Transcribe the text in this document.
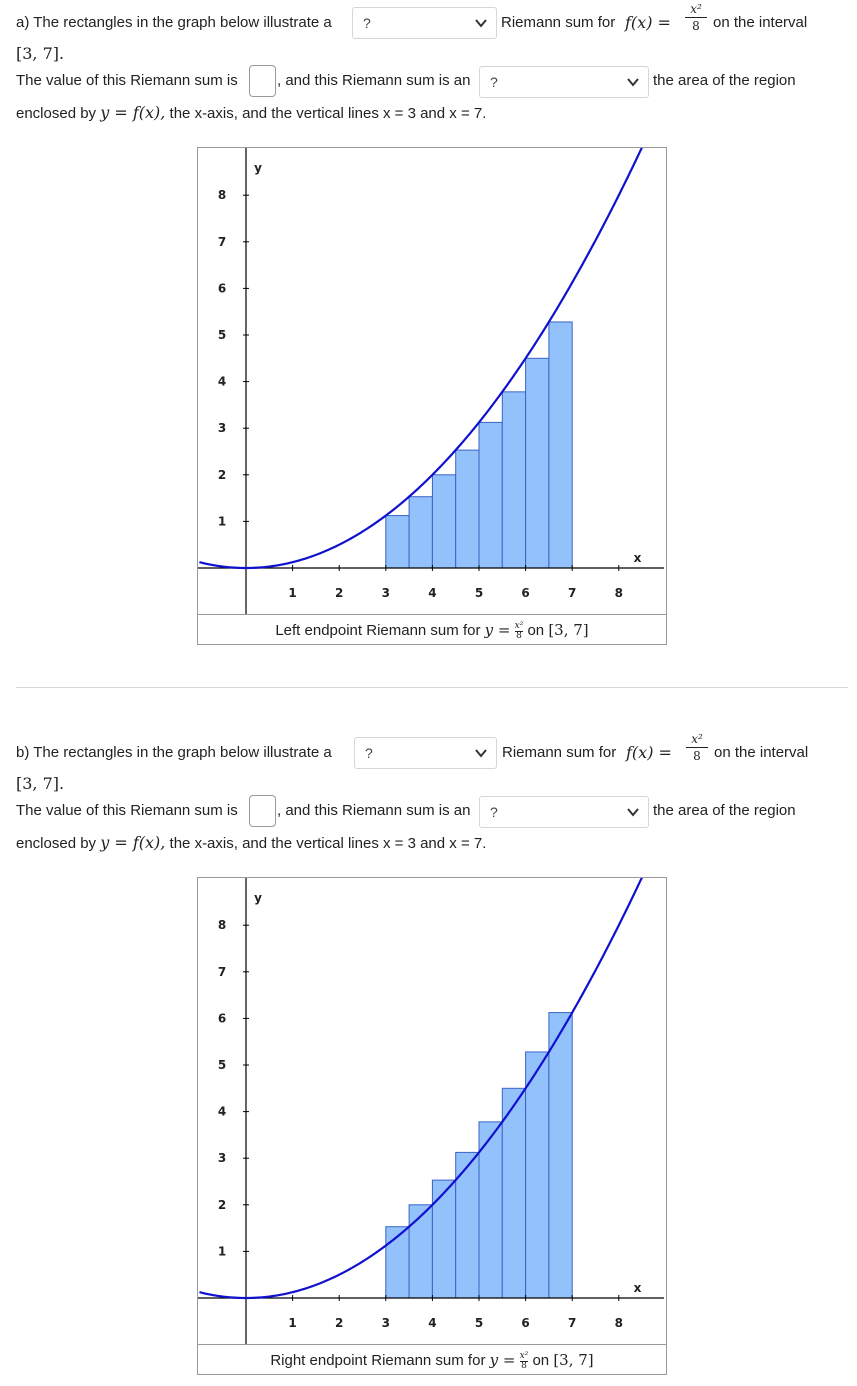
a) The rectangles in the graph below illustrate a	?	Riemann sum for f(x) =
x²
8 on the interval
[3, 7].
The value of this Riemann sum is	, and this Riemann sum is an	?	the area of the region
enclosed by y = f(x), the x-axis, and the vertical lines x = 3 and x = 7.
1	2	3	4	5	6	7	8
1
2
3
4
5
6
7
8
x
y
Left endpoint Riemann sum for $y = \frac{\text{x²}}{8}$ on [3, 7]
b) The rectangles in the graph below illustrate a	?	Riemann sum for f(x) =
x²
8 on the interval
[3, 7].
The value of this Riemann sum is	, and this Riemann sum is an	?	the area of the region
enclosed by y = f(x), the x-axis, and the vertical lines x = 3 and x = 7.
1	2	3	4	5	6	7	8
1
2
3
4
5
6
7
8
x
y
Right endpoint Riemann sum for $y = \frac{\text{x²}}{8}$ on [3, 7]
